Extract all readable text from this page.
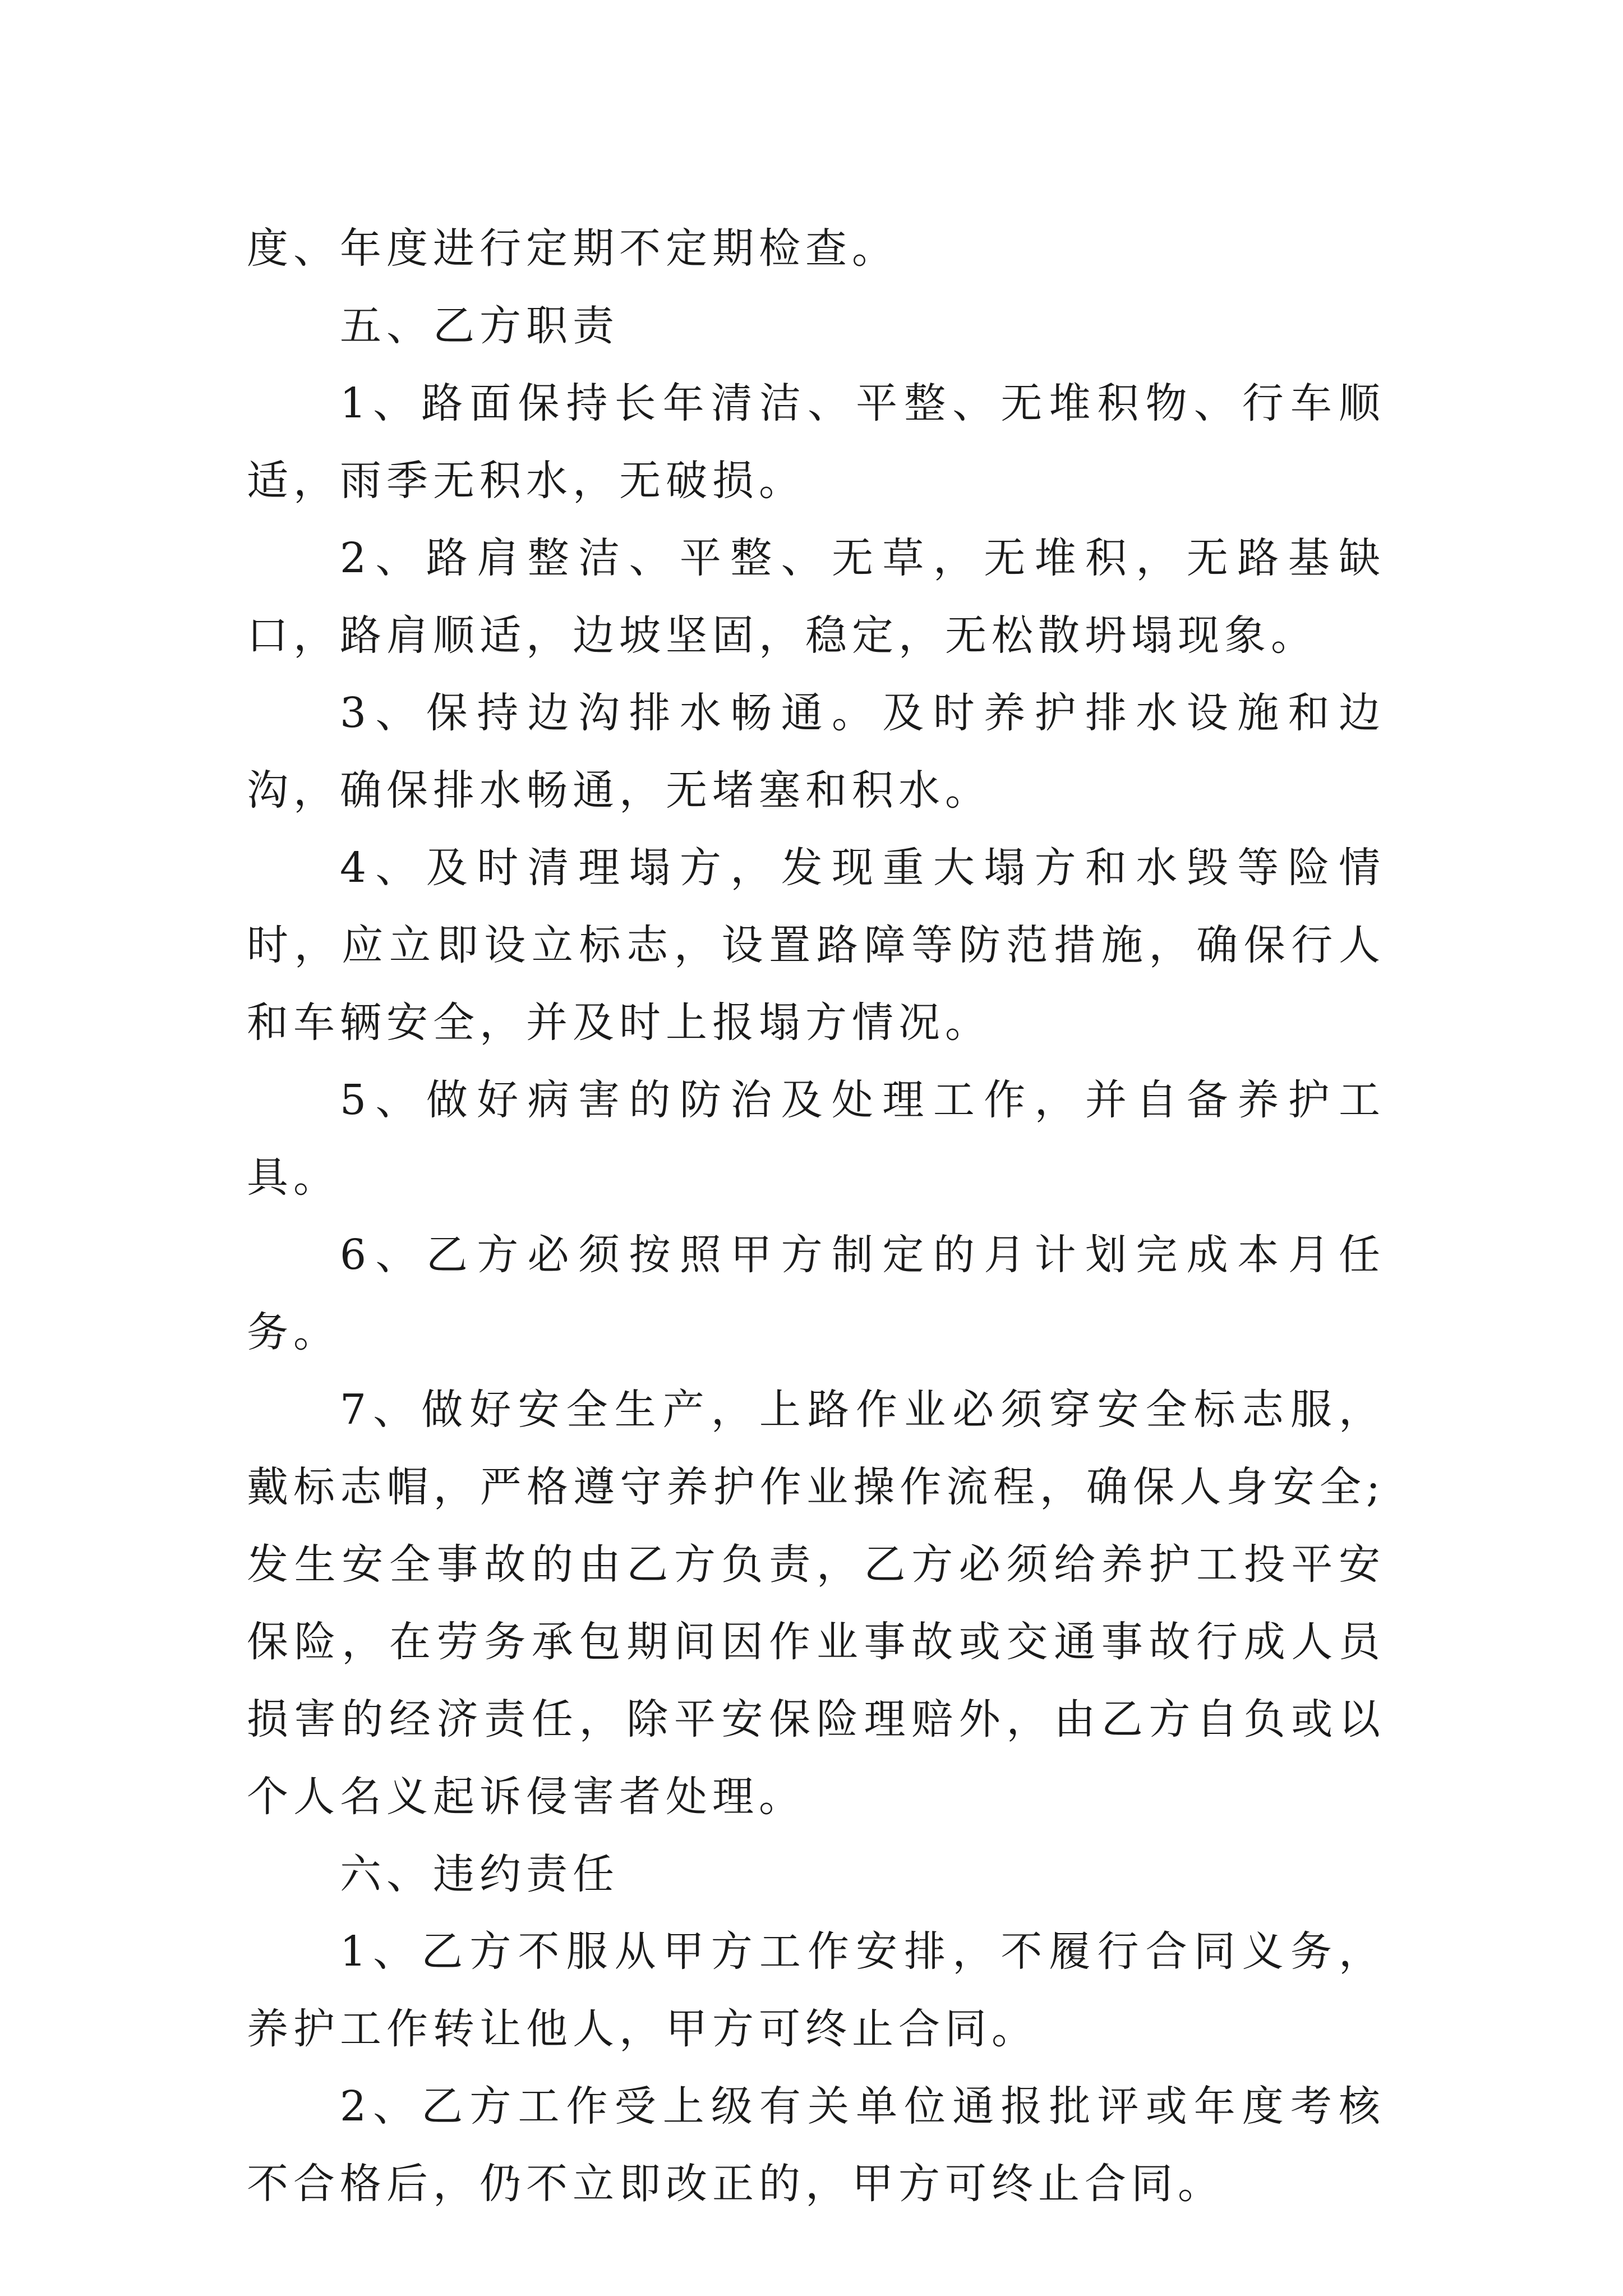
度、年度进行定期不定期检查。

五、乙方职责

1、路面保持长年清洁、平整、无堆积物、行车顺适，雨季无积水，无破损。

2、路肩整洁、平整、无草，无堆积，无路基缺口，路肩顺适，边坡坚固，稳定，无松散坍塌现象。

3、保持边沟排水畅通。及时养护排水设施和边沟，确保排水畅通，无堵塞和积水。

4、及时清理塌方，发现重大塌方和水毁等险情时，应立即设立标志，设置路障等防范措施，确保行人和车辆安全，并及时上报塌方情况。

5、做好病害的防治及处理工作，并自备养护工具。

6、乙方必须按照甲方制定的月计划完成本月任务。

7、做好安全生产，上路作业必须穿安全标志服，戴标志帽，严格遵守养护作业操作流程，确保人身安全;发生安全事故的由乙方负责，乙方必须给养护工投平安保险，在劳务承包期间因作业事故或交通事故行成人员损害的经济责任，除平安保险理赔外，由乙方自负或以个人名义起诉侵害者处理。

六、违约责任

1、乙方不服从甲方工作安排，不履行合同义务，养护工作转让他人，甲方可终止合同。

2、乙方工作受上级有关单位通报批评或年度考核不合格后，仍不立即改正的，甲方可终止合同。
